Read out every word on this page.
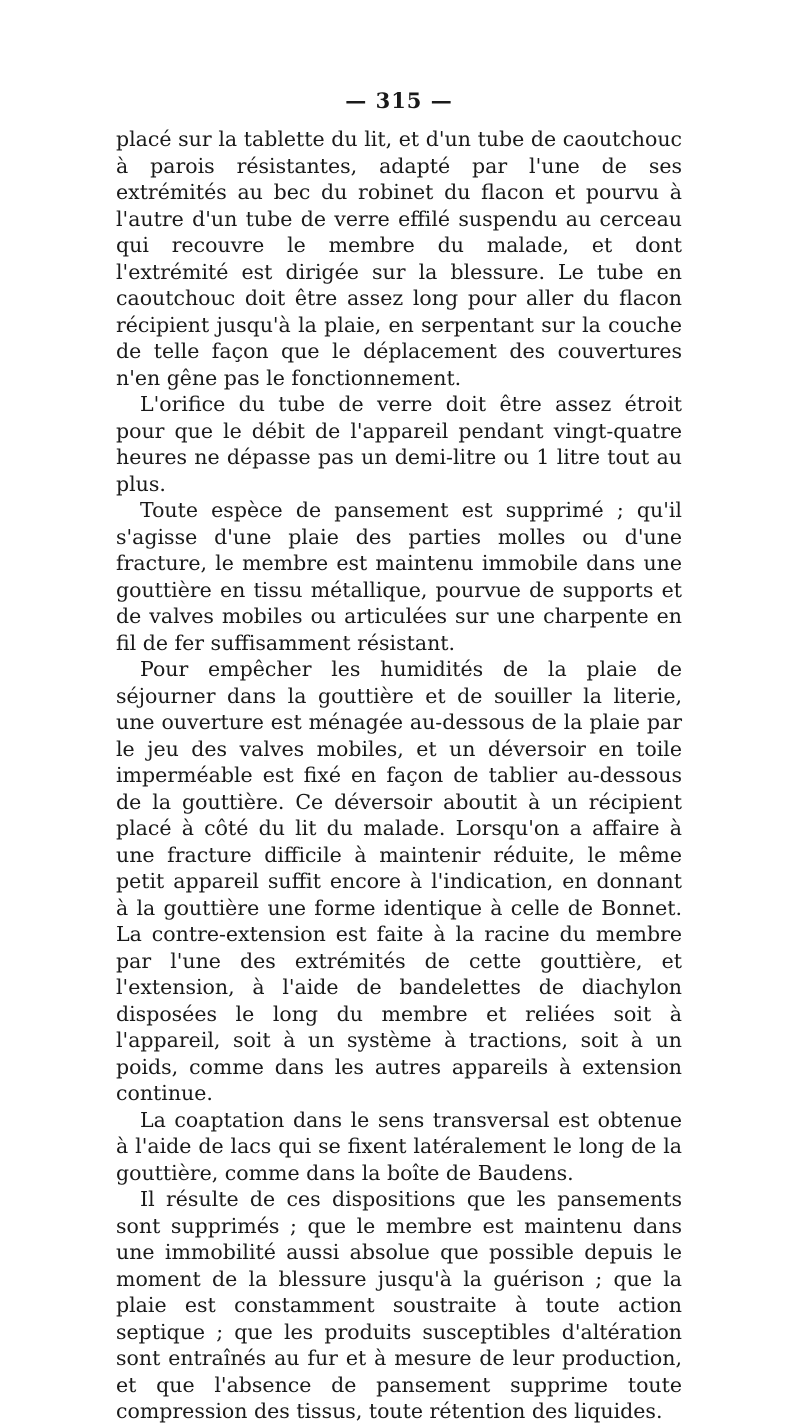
— 315 —

placé sur la tablette du lit, et d'un tube de caoutchouc à parois résistantes, adapté par l'une de ses extrémités au bec du robinet du flacon et pourvu à l'autre d'un tube de verre effilé suspendu au cerceau qui recouvre le membre du malade, et dont l'extrémité est dirigée sur la blessure. Le tube en caoutchouc doit être assez long pour aller du flacon récipient jusqu'à la plaie, en serpentant sur la couche de telle façon que le déplacement des couvertures n'en gêne pas le fonctionnement.

L'orifice du tube de verre doit être assez étroit pour que le débit de l'appareil pendant vingt-quatre heures ne dépasse pas un demi-litre ou 1 litre tout au plus.

Toute espèce de pansement est supprimé ; qu'il s'agisse d'une plaie des parties molles ou d'une fracture, le membre est maintenu immobile dans une gouttière en tissu métallique, pourvue de supports et de valves mobiles ou articulées sur une charpente en fil de fer suffisamment résistant.

Pour empêcher les humidités de la plaie de séjourner dans la gouttière et de souiller la literie, une ouverture est ménagée au-dessous de la plaie par le jeu des valves mobiles, et un déversoir en toile imperméable est fixé en façon de tablier au-dessous de la gouttière. Ce déversoir aboutit à un récipient placé à côté du lit du malade. Lorsqu'on a affaire à une fracture difficile à maintenir réduite, le même petit appareil suffit encore à l'indication, en donnant à la gouttière une forme identique à celle de Bonnet. La contre-extension est faite à la racine du membre par l'une des extrémités de cette gouttière, et l'extension, à l'aide de bandelettes de diachylon disposées le long du membre et reliées soit à l'appareil, soit à un système à tractions, soit à un poids, comme dans les autres appareils à extension continue.

La coaptation dans le sens transversal est obtenue à l'aide de lacs qui se fixent latéralement le long de la gouttière, comme dans la boîte de Baudens.

Il résulte de ces dispositions que les pansements sont supprimés ; que le membre est maintenu dans une immobilité aussi absolue que possible depuis le moment de la blessure jusqu'à la guérison ; que la plaie est constamment soustraite à toute action septique ; que les produits susceptibles d'altération sont entraînés au fur et à mesure de leur production, et que l'absence de pansement supprime toute compression des tissus, toute rétention des liquides.
